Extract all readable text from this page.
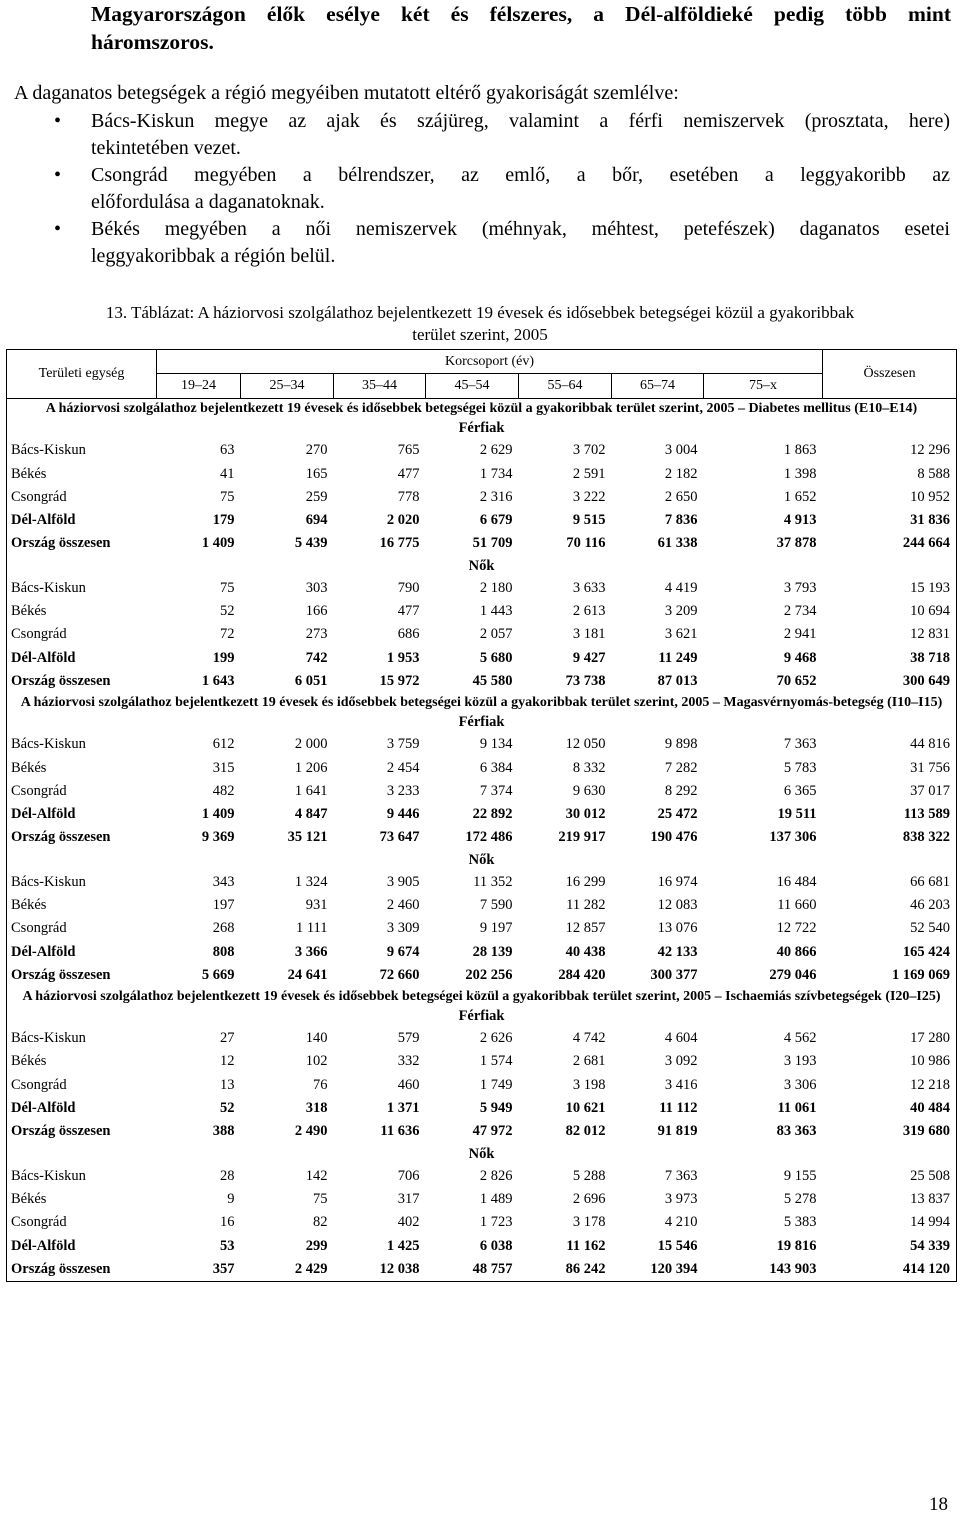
Magyarországon élők esélye két és félszeres, a Dél-alföldieké pedig több mint
háromszoros.

A daganatos betegségek a régió megyéiben mutatott eltérő gyakoriságát szemlélve:

• Bács-Kiskun megye az ajak és szájüreg, valamint a férfi nemiszervek (prosztata, here)
tekintetében vezet.
• Csongrád megyében a bélrendszer, az emlő, a bőr, esetében a leggyakoribb az
előfordulása a daganatoknak.
• Békés megyében a női nemiszervek (méhnyak, méhtest, petefészek) daganatos esetei
leggyakoribbak a régión belül.

13. Táblázat: A háziorvosi szolgálathoz bejelentkezett 19 évesek és idősebbek betegségei közül a gyakoribbak
terület szerint, 2005

Területi egység	Korcsoport (év)							Összesen
	19–24	25–34	35–44	45–54	55–64	65–74	75–x	
A háziorvosi szolgálathoz bejelentkezett 19 évesek és idősebbek betegségei közül a gyakoribbak terület szerint, 2005 – Diabetes mellitus (E10–E14)								
Férfiak								
Bács-Kiskun	63	270	765	2 629	3 702	3 004	1 863	12 296
Békés	41	165	477	1 734	2 591	2 182	1 398	8 588
Csongrád	75	259	778	2 316	3 222	2 650	1 652	10 952
Dél-Alföld	179	694	2 020	6 679	9 515	7 836	4 913	31 836
Ország összesen	1 409	5 439	16 775	51 709	70 116	61 338	37 878	244 664
Nők								
Bács-Kiskun	75	303	790	2 180	3 633	4 419	3 793	15 193
Békés	52	166	477	1 443	2 613	3 209	2 734	10 694
Csongrád	72	273	686	2 057	3 181	3 621	2 941	12 831
Dél-Alföld	199	742	1 953	5 680	9 427	11 249	9 468	38 718
Ország összesen	1 643	6 051	15 972	45 580	73 738	87 013	70 652	300 649
A háziorvosi szolgálathoz bejelentkezett 19 évesek és idősebbek betegségei közül a gyakoribbak terület szerint, 2005 – Magasvérnyomás-betegség (I10–I15)								
Férfiak								
Bács-Kiskun	612	2 000	3 759	9 134	12 050	9 898	7 363	44 816
Békés	315	1 206	2 454	6 384	8 332	7 282	5 783	31 756
Csongrád	482	1 641	3 233	7 374	9 630	8 292	6 365	37 017
Dél-Alföld	1 409	4 847	9 446	22 892	30 012	25 472	19 511	113 589
Ország összesen	9 369	35 121	73 647	172 486	219 917	190 476	137 306	838 322
Nők								
Bács-Kiskun	343	1 324	3 905	11 352	16 299	16 974	16 484	66 681
Békés	197	931	2 460	7 590	11 282	12 083	11 660	46 203
Csongrád	268	1 111	3 309	9 197	12 857	13 076	12 722	52 540
Dél-Alföld	808	3 366	9 674	28 139	40 438	42 133	40 866	165 424
Ország összesen	5 669	24 641	72 660	202 256	284 420	300 377	279 046	1 169 069
A háziorvosi szolgálathoz bejelentkezett 19 évesek és idősebbek betegségei közül a gyakoribbak terület szerint, 2005 – Ischaemiás szívbetegségek (I20–I25)								
Férfiak								
Bács-Kiskun	27	140	579	2 626	4 742	4 604	4 562	17 280
Békés	12	102	332	1 574	2 681	3 092	3 193	10 986
Csongrád	13	76	460	1 749	3 198	3 416	3 306	12 218
Dél-Alföld	52	318	1 371	5 949	10 621	11 112	11 061	40 484
Ország összesen	388	2 490	11 636	47 972	82 012	91 819	83 363	319 680
Nők								
Bács-Kiskun	28	142	706	2 826	5 288	7 363	9 155	25 508
Békés	9	75	317	1 489	2 696	3 973	5 278	13 837
Csongrád	16	82	402	1 723	3 178	4 210	5 383	14 994
Dél-Alföld	53	299	1 425	6 038	11 162	15 546	19 816	54 339
Ország összesen	357	2 429	12 038	48 757	86 242	120 394	143 903	414 120
18
